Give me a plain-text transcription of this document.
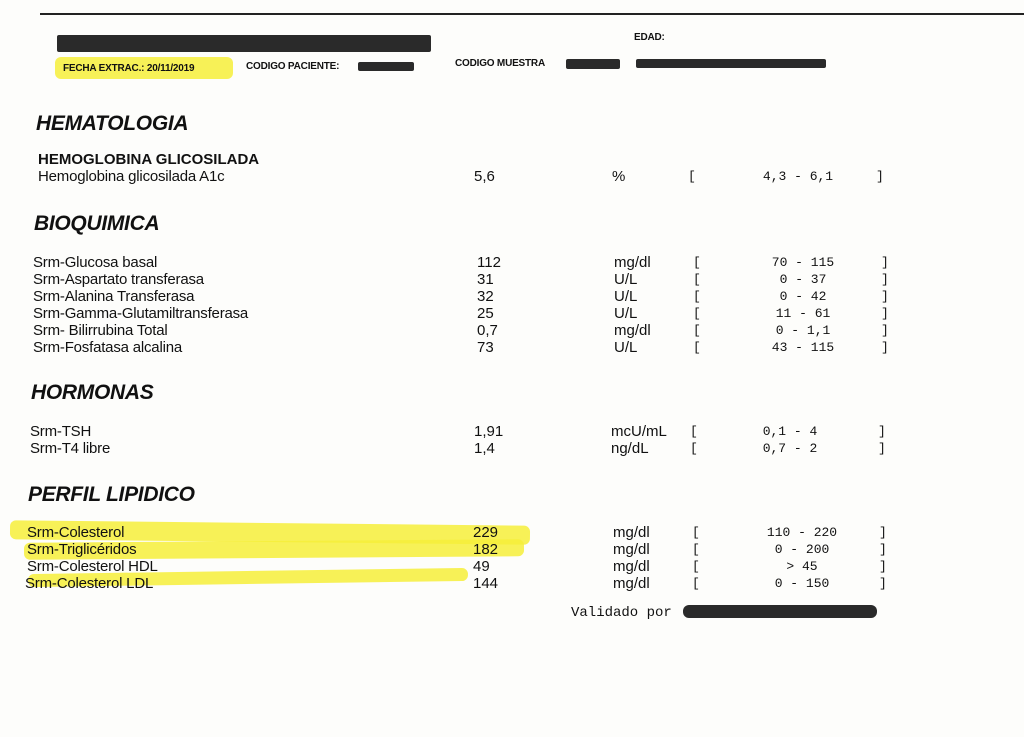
FECHA EXTRAC.: 20/11/2019	CODIGO PACIENTE:	CODIGO MUESTRA
EDAD:
HEMATOLOGIA
HEMOGLOBINA GLICOSILADA
Hemoglobina glicosilada A1c	5,6	%	[	4,3 - 6,1	]
BIOQUIMICA
Srm-Glucosa basal	112	mg/dl	[	70 - 115	]
Srm-Aspartato transferasa	31	U/L	[	0 - 37	]
Srm-Alanina Transferasa	32	U/L	[	0 - 42	]
Srm-Gamma-Glutamiltransferasa	25	U/L	[	11 - 61	]
Srm- Bilirrubina Total	0,7	mg/dl	[	0 - 1,1	]
Srm-Fosfatasa alcalina	73	U/L	[	43 - 115	]
HORMONAS
Srm-TSH	1,91	mcU/mL [	0,1 - 4	]
Srm-T4 libre	1,4	ng/dL	[	0,7 - 2	]
PERFIL LIPIDICO
Srm-Colesterol	229	mg/dl	[	110 - 220	]
Srm-Triglicéridos	182	mg/dl	[	0 - 200	]
Srm-Colesterol HDL	49	mg/dl	[	> 45	]
Srm-Colesterol LDL	144	mg/dl	[	0 - 150	]
Validado por
